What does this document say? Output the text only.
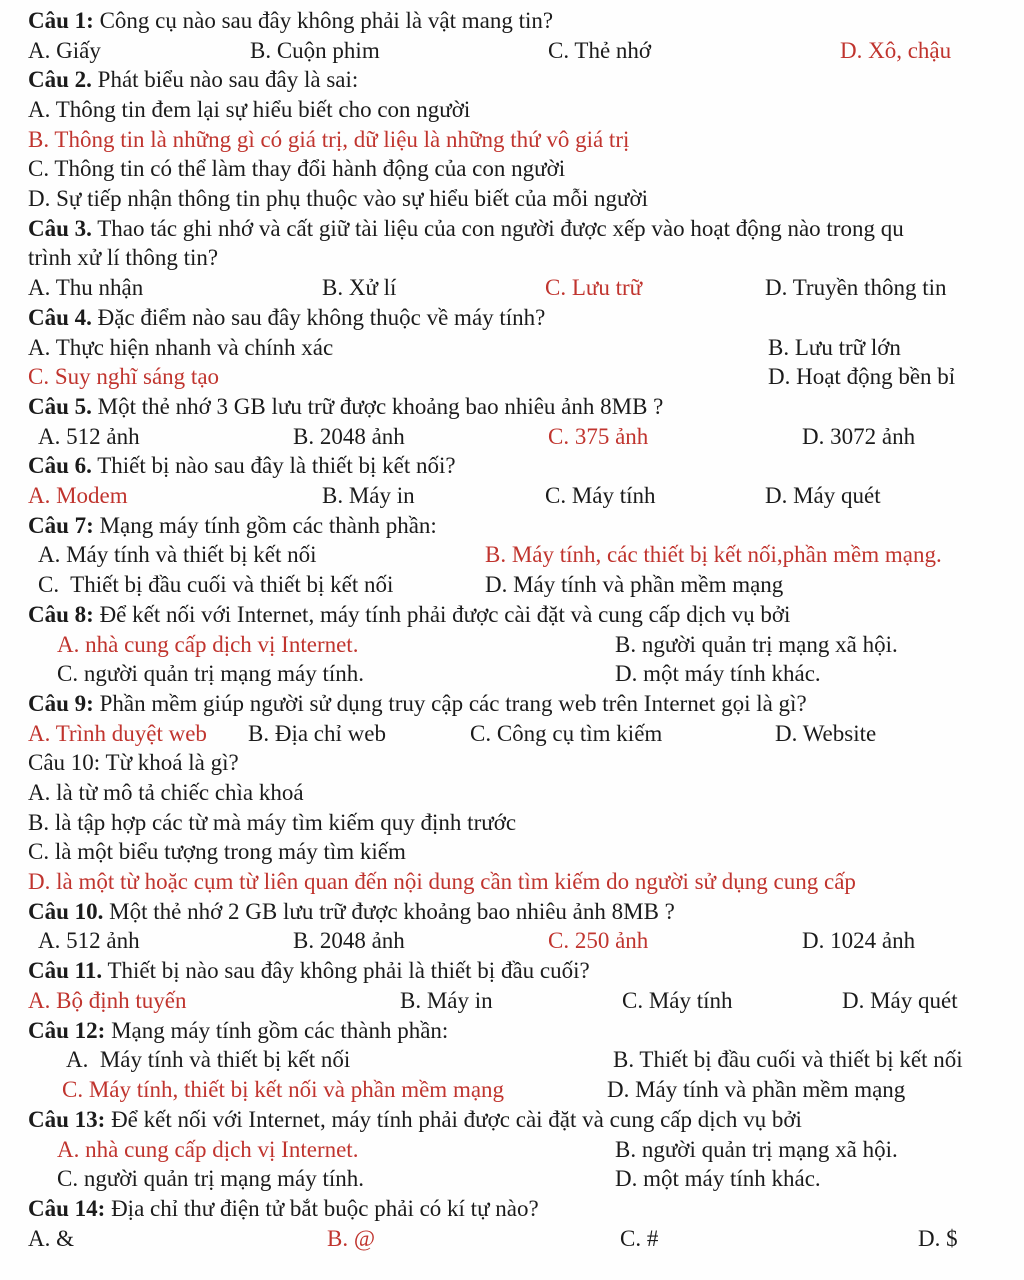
Câu 1: Công cụ nào sau đây không phải là vật mang tin?
A. Giấy	B. Cuộn phim	C. Thẻ nhớ	D. Xô, chậu
Câu 2. Phát biểu nào sau đây là sai:
A. Thông tin đem lại sự hiểu biết cho con người
B. Thông tin là những gì có giá trị, dữ liệu là những thứ vô giá trị
C. Thông tin có thể làm thay đổi hành động của con người
D. Sự tiếp nhận thông tin phụ thuộc vào sự hiểu biết của mỗi người
Câu 3. Thao tác ghi nhớ và cất giữ tài liệu của con người được xếp vào hoạt động nào trong qu
trình xử lí thông tin?
A. Thu nhận	B. Xử lí	C. Lưu trữ	D. Truyền thông tin
Câu 4. Đặc điểm nào sau đây không thuộc về máy tính?
A. Thực hiện nhanh và chính xác	B. Lưu trữ lớn
C. Suy nghĩ sáng tạo	D. Hoạt động bền bỉ
Câu 5. Một thẻ nhớ 3 GB lưu trữ được khoảng bao nhiêu ảnh 8MB ?
A. 512 ảnh	B. 2048 ảnh	C. 375 ảnh	D. 3072 ảnh
Câu 6. Thiết bị nào sau đây là thiết bị kết nối?
A. Modem	B. Máy in	C. Máy tính	D. Máy quét
Câu 7: Mạng máy tính gồm các thành phần:
A. Máy tính và thiết bị kết nối	B. Máy tính, các thiết bị kết nối,phần mềm mạng.
C.  Thiết bị đầu cuối và thiết bị kết nối	D. Máy tính và phần mềm mạng
Câu 8: Để kết nối với Internet, máy tính phải được cài đặt và cung cấp dịch vụ bởi
A. nhà cung cấp dịch vị Internet.	B. người quản trị mạng xã hội.
C. người quản trị mạng máy tính.	D. một máy tính khác.
Câu 9: Phần mềm giúp người sử dụng truy cập các trang web trên Internet gọi là gì?
A. Trình duyệt web B. Địa chỉ web	C. Công cụ tìm kiếm	D. Website
Câu 10: Từ khoá là gì?
A. là từ mô tả chiếc chìa khoá
B. là tập hợp các từ mà máy tìm kiếm quy định trước
C. là một biểu tượng trong máy tìm kiếm
D. là một từ hoặc cụm từ liên quan đến nội dung cần tìm kiếm do người sử dụng cung cấp
Câu 10. Một thẻ nhớ 2 GB lưu trữ được khoảng bao nhiêu ảnh 8MB ?
A. 512 ảnh	B. 2048 ảnh	C. 250 ảnh	D. 1024 ảnh
Câu 11. Thiết bị nào sau đây không phải là thiết bị đầu cuối?
A. Bộ định tuyến	B. Máy in	C. Máy tính	D. Máy quét
Câu 12: Mạng máy tính gồm các thành phần:
A.  Máy tính và thiết bị kết nối	B. Thiết bị đầu cuối và thiết bị kết nối
C. Máy tính, thiết bị kết nối và phần mềm mạng	D. Máy tính và phần mềm mạng
Câu 13: Để kết nối với Internet, máy tính phải được cài đặt và cung cấp dịch vụ bởi
A. nhà cung cấp dịch vị Internet.	B. người quản trị mạng xã hội.
C. người quản trị mạng máy tính.	D. một máy tính khác.
Câu 14: Địa chỉ thư điện tử bắt buộc phải có kí tự nào?
A. &	B. @	C. #	D. $
